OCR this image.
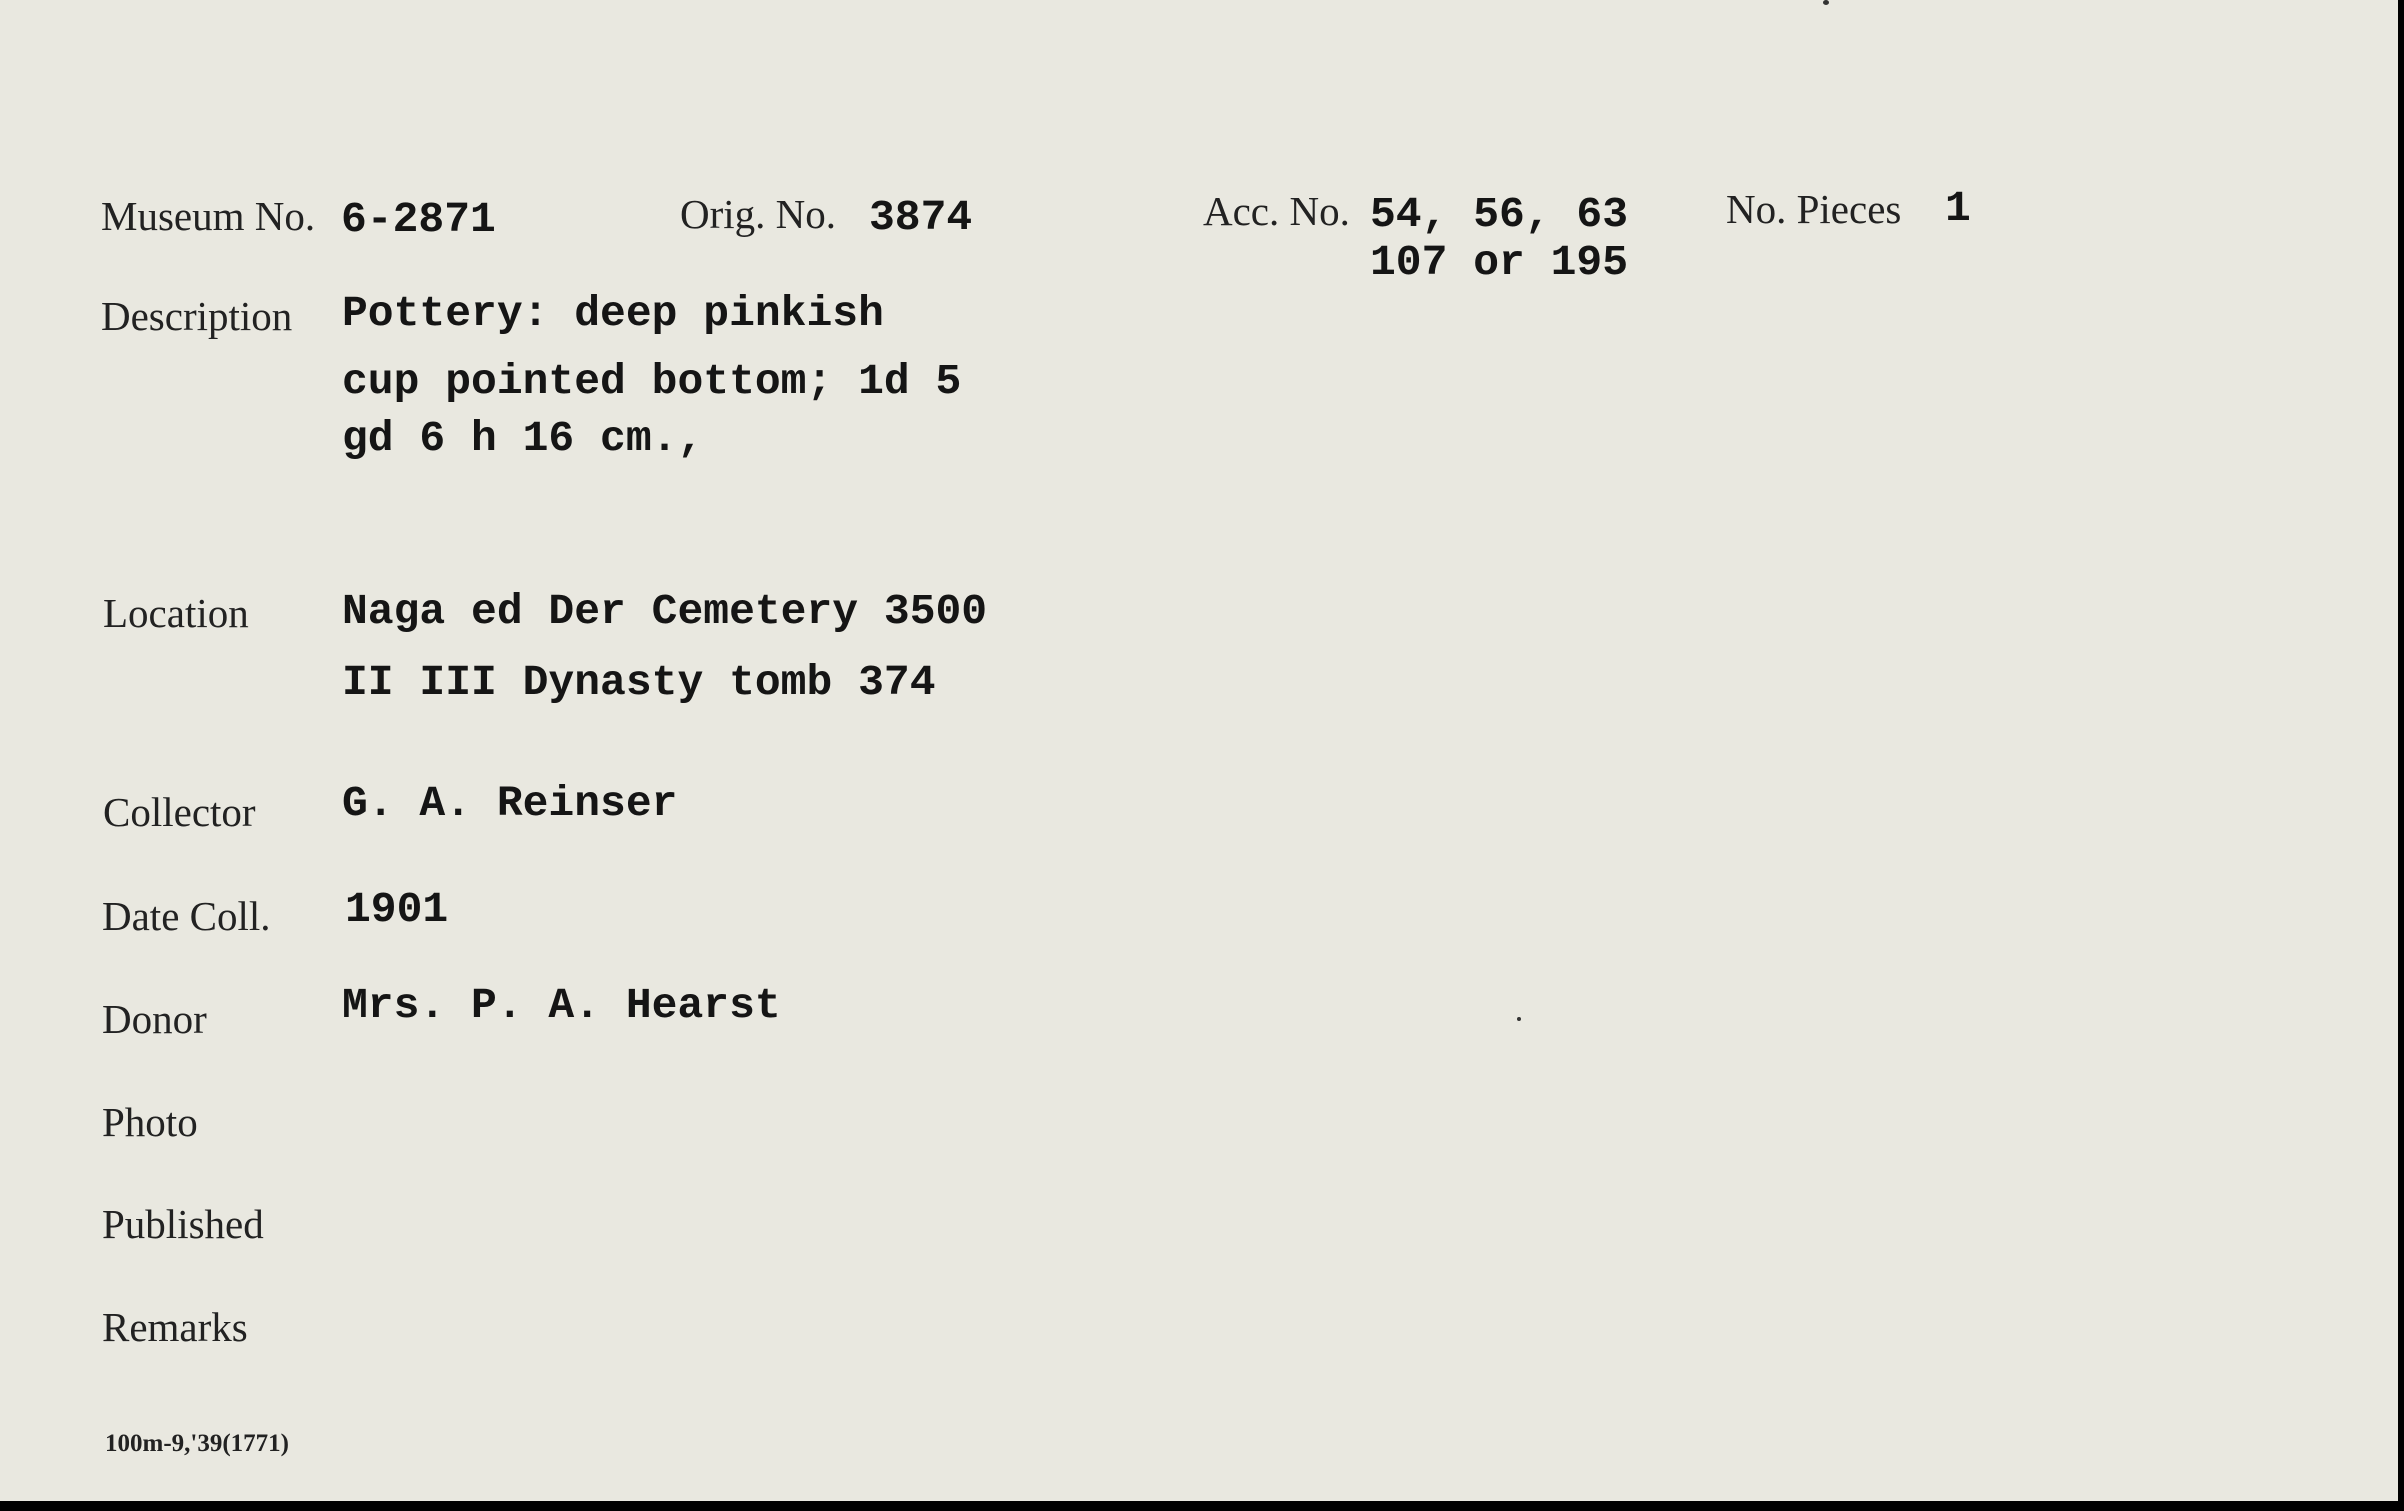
Museum No. 6-2871	Orig. No. 3874	Acc. No. 54, 56, 63
107 or 195
No. Pieces 1
Description Pottery: deep pinkish
cup pointed bottom; 1d 5
gd 6 h 16 cm.,
Location Naga ed Der Cemetery 3500
II III Dynasty tomb 374
Collector G. A. Reinser
Date Coll. 1901
Donor	Mrs. P. A. Hearst
Photo
Published
Remarks
100m-9,'39(1771)
